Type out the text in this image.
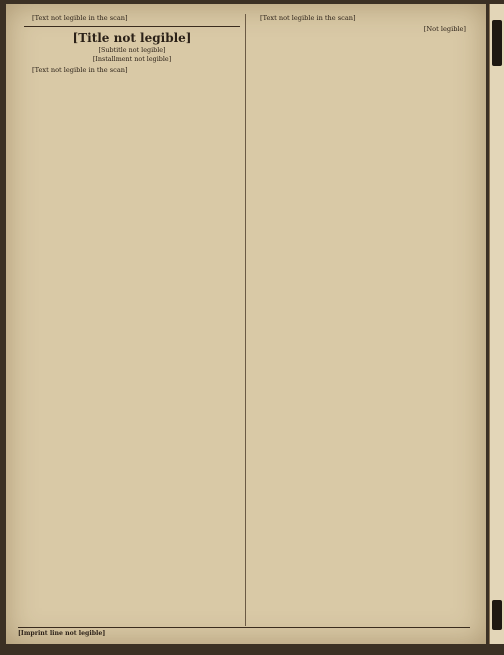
[Text not legible in the scan]

[Title not legible]

[Subtitle not legible]

[Installment not legible]

[Text not legible in the scan]

[Text not legible in the scan]

[Not legible]

[Imprint line not legible]
